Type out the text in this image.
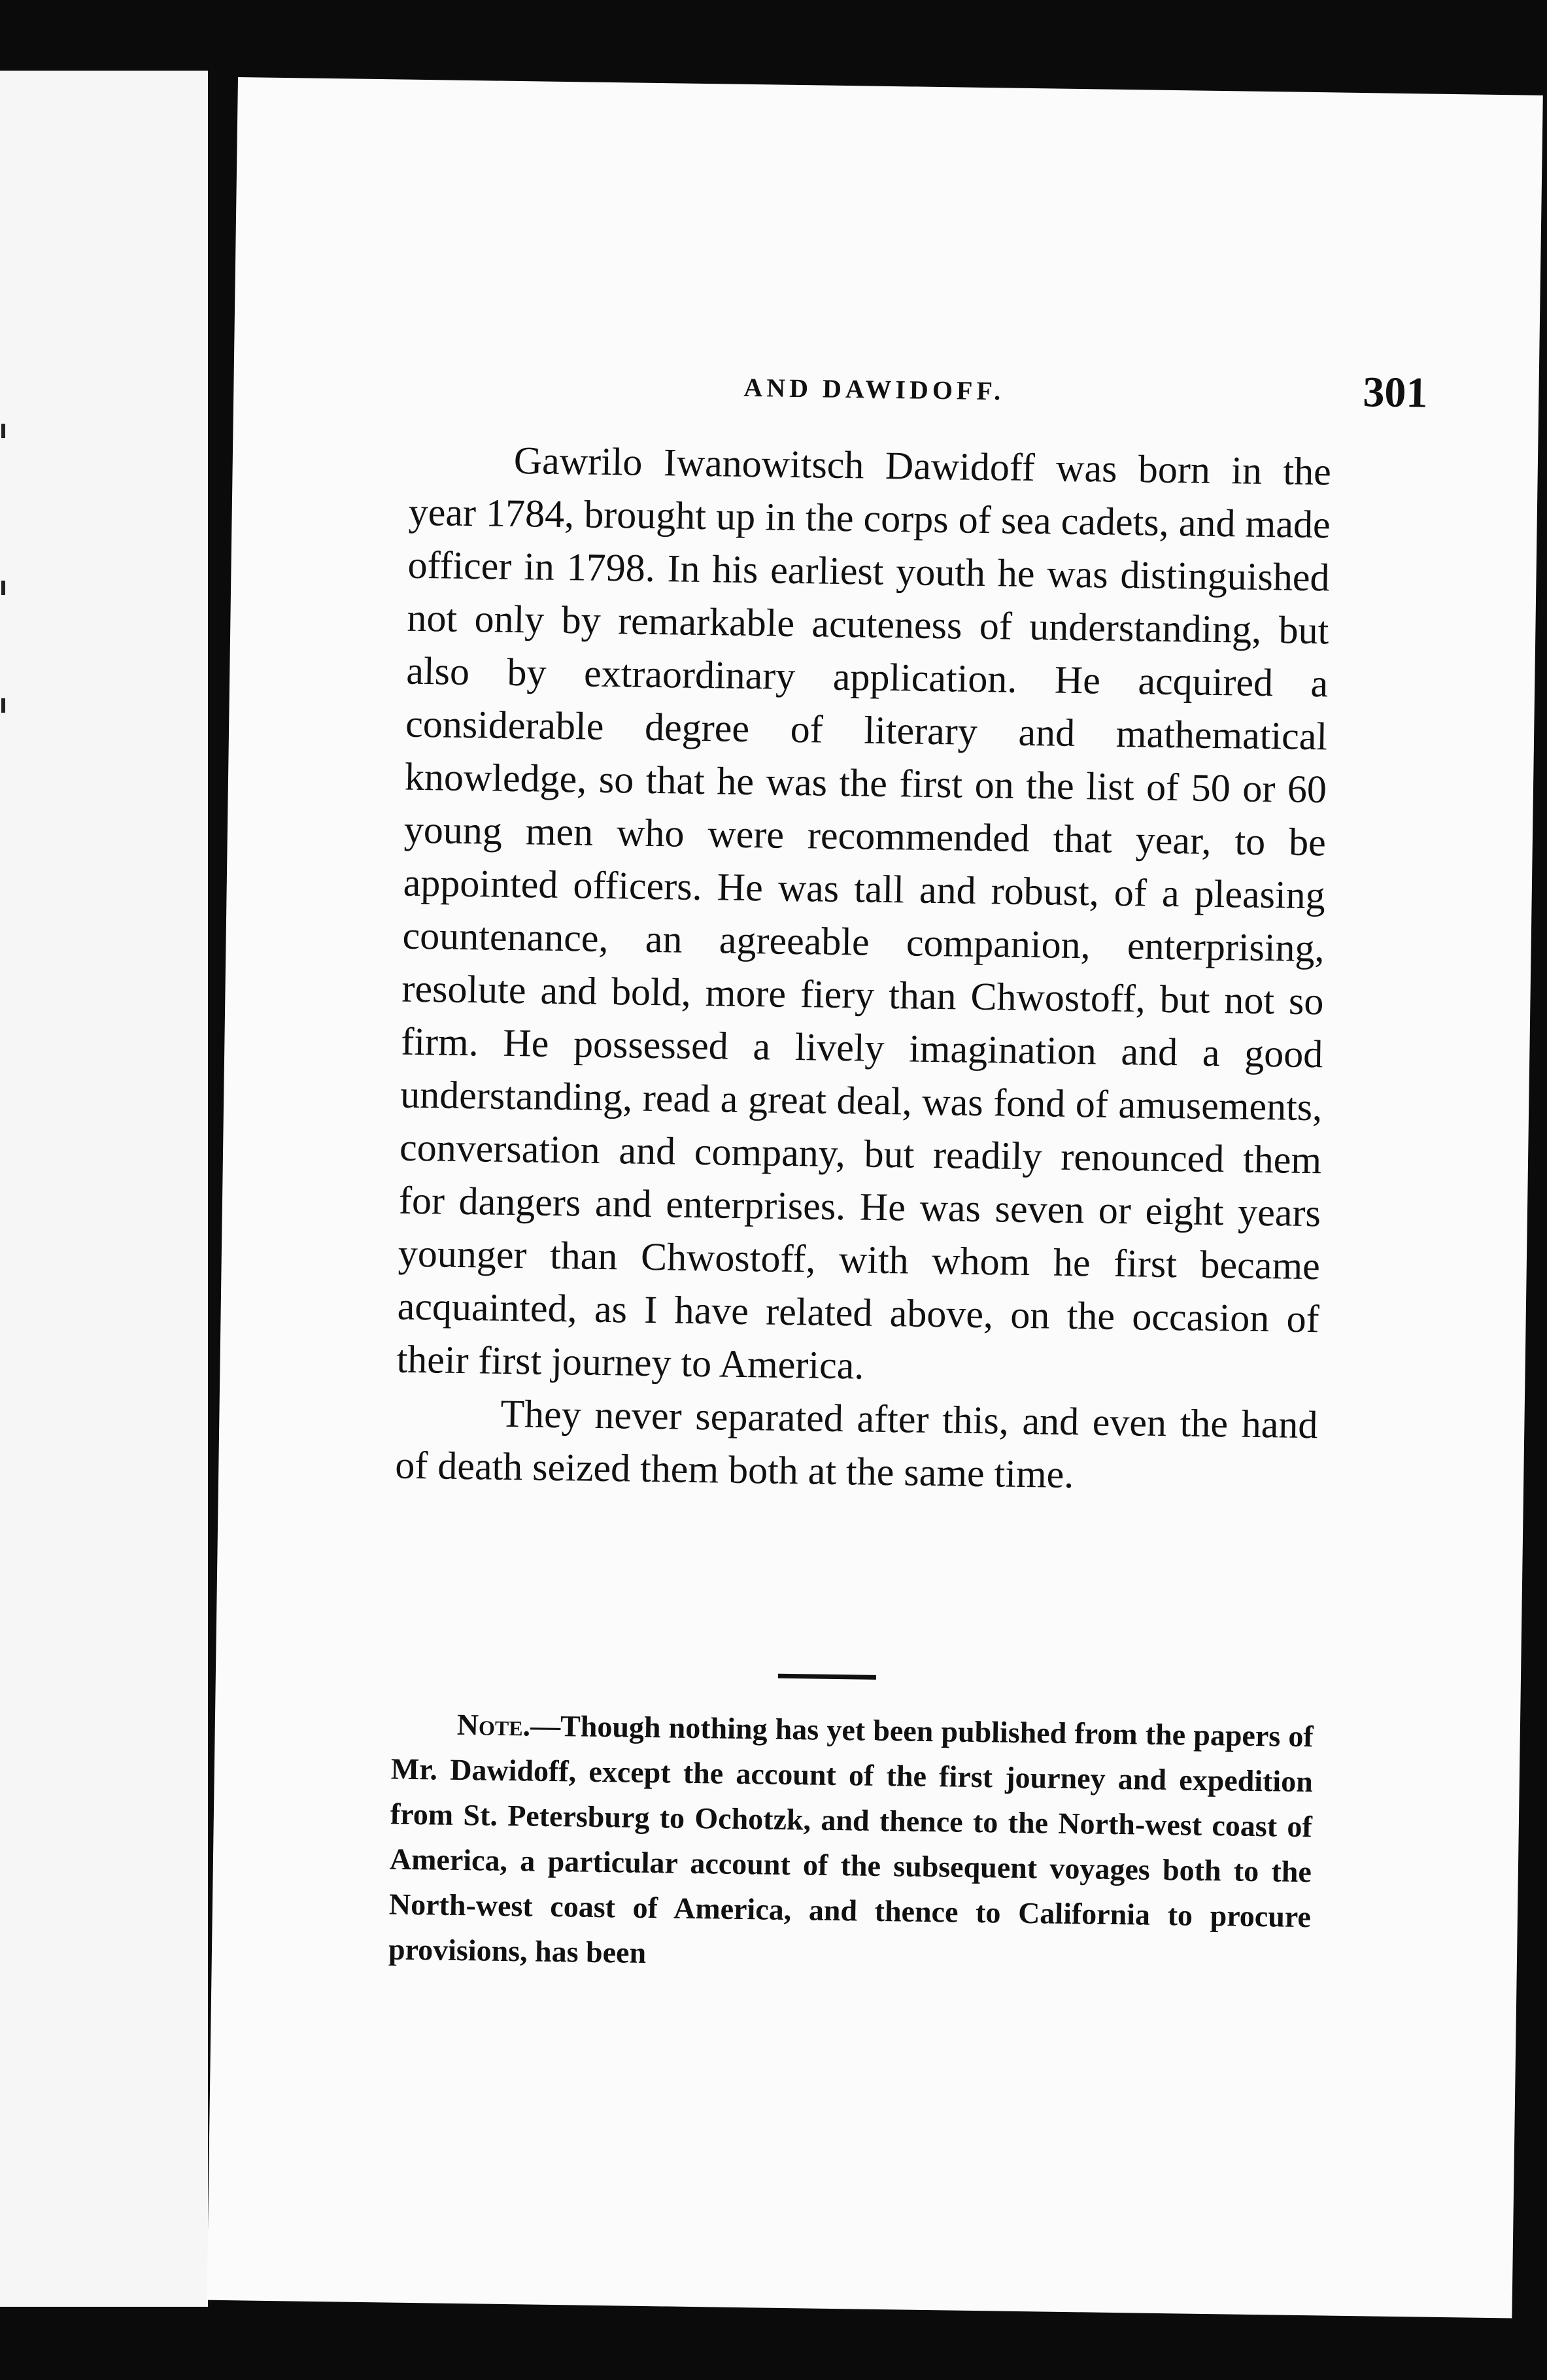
AND DAWIDOFF.	301

Gawrilo Iwanowitsch Dawidoff was born in the year 1784, brought up in the corps of sea cadets, and made officer in 1798. In his earliest youth he was distinguished not only by remarkable acuteness of understanding, but also by extraordinary application. He acquired a considerable degree of literary and mathematical knowledge, so that he was the first on the list of 50 or 60 young men who were recommended that year, to be appointed officers. He was tall and robust, of a pleasing countenance, an agreeable companion, enterprising, resolute and bold, more fiery than Chwostoff, but not so firm. He possessed a lively imagination and a good understanding, read a great deal, was fond of amusements, conversation and company, but readily renounced them for dangers and enterprises. He was seven or eight years younger than Chwostoff, with whom he first became acquainted, as I have related above, on the occasion of their first journey to America.

They never separated after this, and even the hand of death seized them both at the same time.

Note.—Though nothing has yet been published from the papers of Mr. Dawidoff, except the account of the first journey and expedition from St. Petersburg to Ochotzk, and thence to the North-west coast of America, a particular account of the subsequent voyages both to the North-west coast of America, and thence to California to procure provisions, has been
